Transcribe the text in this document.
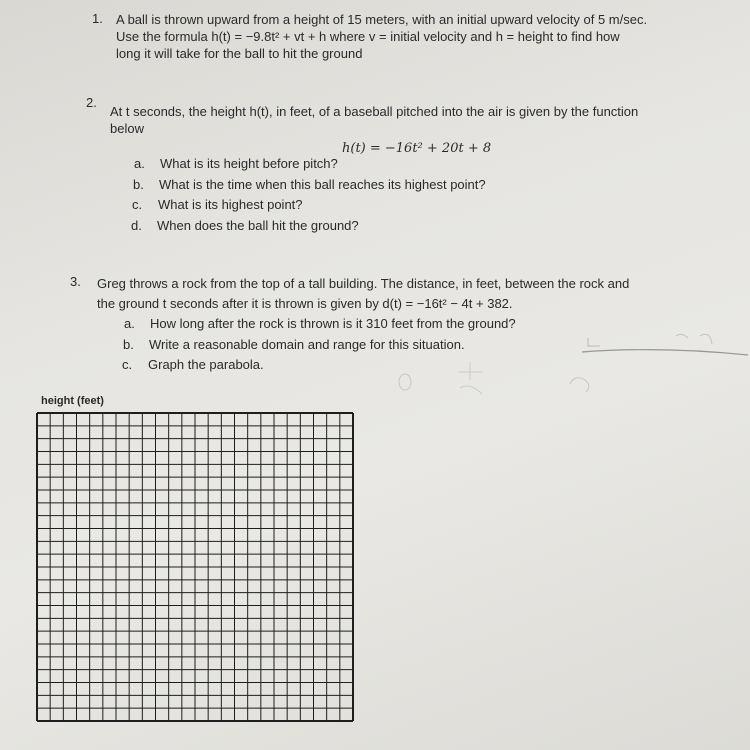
1. A ball is thrown upward from a height of 15 meters, with an initial upward velocity of 5 m/sec.
Use the formula h(t) = −9.8t² + vt + h where v = initial velocity and h = height to find how
long it will take for the ball to hit the ground
2.
At t seconds, the height h(t), in feet, of a baseball pitched into the air is given by the function
below
h(t) = −16t² + 20t + 8
a. What is its height before pitch?
b. What is the time when this ball reaches its highest point?
c. What is its highest point?
d. When does the ball hit the ground?
3. Greg throws a rock from the top of a tall building. The distance, in feet, between the rock and
the ground t seconds after it is thrown is given by d(t) = −16t² − 4t + 382.
a. How long after the rock is thrown is it 310 feet from the ground?
b. Write a reasonable domain and range for this situation.
c. Graph the parabola.
height (feet)
